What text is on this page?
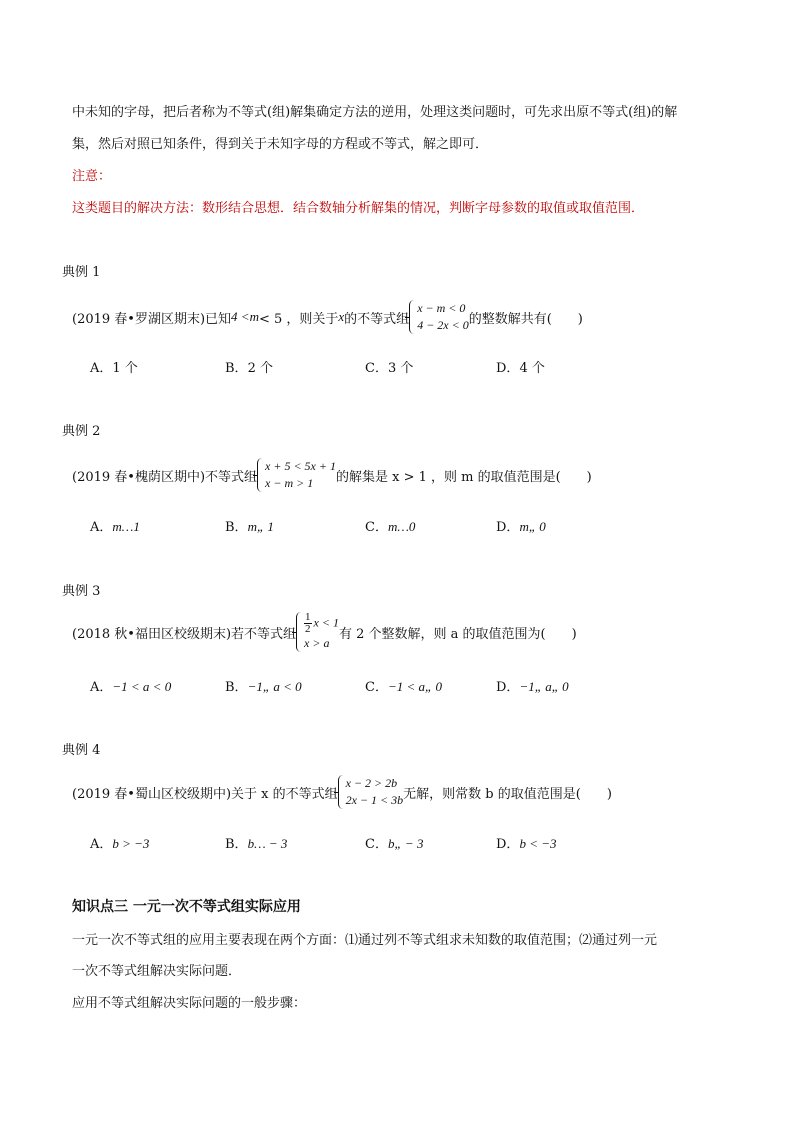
中未知的字母，把后者称为不等式(组)解集确定方法的逆用，处理这类问题时，可先求出原不等式(组)的解
集，然后对照已知条件，得到关于未知字母的方程或不等式，解之即可．
注意：
这类题目的解决方法：数形结合思想．结合数轴分析解集的情况，判断字母参数的取值或取值范围．
典例 1
(2019 春•罗湖区期末)已知 4 < m < 5 ，则关于 x 的不等式组
x − m < 0
4 − 2x < 0 的整数解共有(　　)
A．1 个	B．2 个	C．3 个	D．4 个
典例 2
(2019 春•槐荫区期中)不等式组
x + 5 < 5x + 1
x − m > 1	的解集是 x > 1 ，则 m 的取值范围是(　　)
A．m…1	B．m„ 1	C．m…0	D．m„ 0
典例 3
(2018 秋•福田区校级期末)若不等式组 $\frac{1}{2}$ x < 1
x > a
有 2 个整数解，则 a 的取值范围为(　　)
A．−1 < a < 0	B．−1„ a < 0	C．−1 < a„ 0	D．−1„ a„ 0
典例 4
(2019 春•蜀山区校级期中)关于 x 的不等式组
x − 2 > 2b
2x − 1 < 3b 无解，则常数 b 的取值范围是(　　)
A．b > −3	B．b… − 3	C．b„ − 3	D．b < −3
知识点三 一元一次不等式组实际应用
一元一次不等式组的应用主要表现在两个方面：⑴通过列不等式组求未知数的取值范围；⑵通过列一元
一次不等式组解决实际问题．
应用不等式组解决实际问题的一般步骤：
